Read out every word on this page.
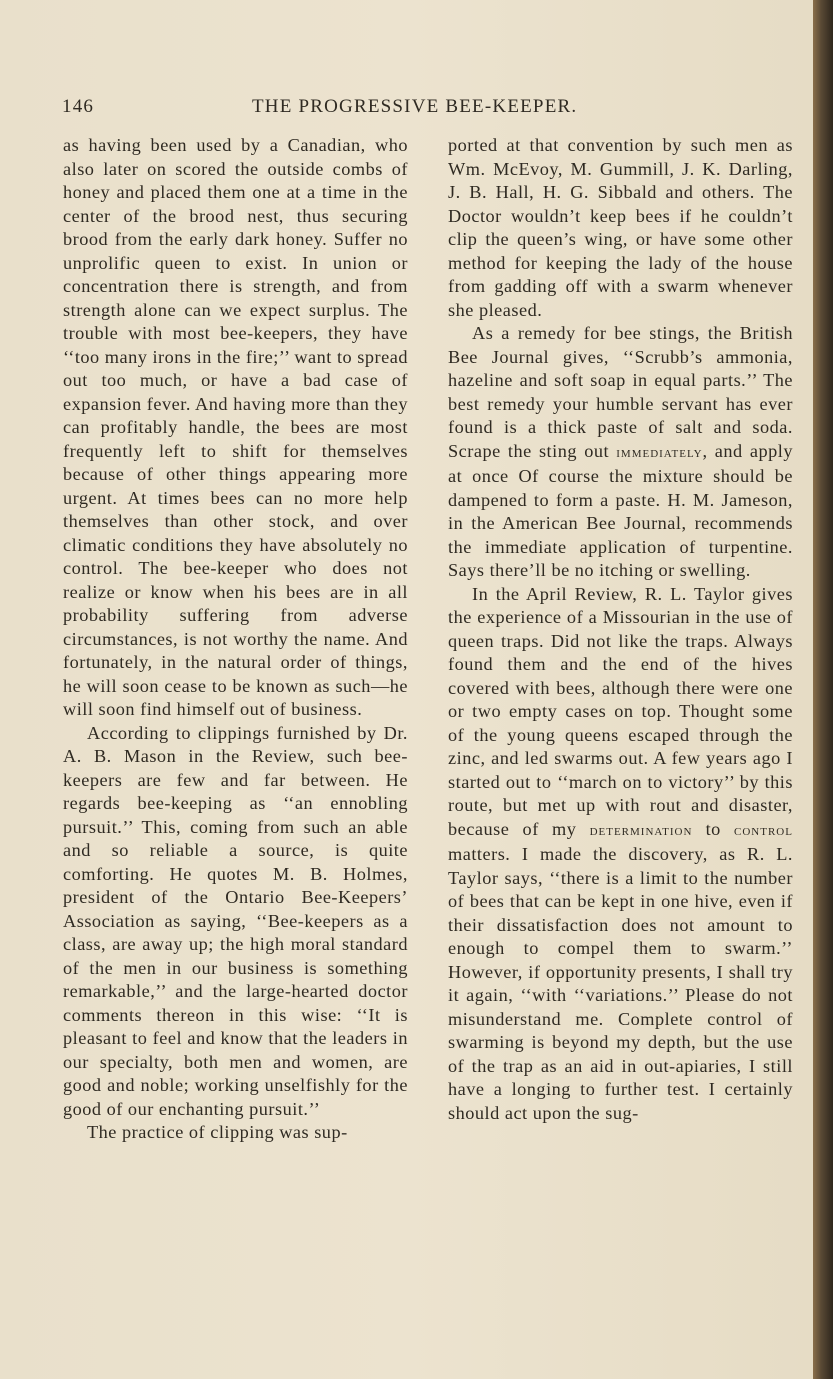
146	THE PROGRESSIVE BEE-KEEPER.

as having been used by a Canadian, who also later on scored the outside combs of honey and placed them one at a time in the center of the brood nest, thus securing brood from the early dark honey. Suffer no unprolific queen to exist. In union or concentration there is strength, and from strength alone can we expect surplus. The trouble with most bee-keepers, they have ‘‘too many irons in the fire;’’ want to spread out too much, or have a bad case of expansion fever. And having more than they can profitably handle, the bees are most frequently left to shift for themselves because of other things appearing more urgent. At times bees can no more help themselves than other stock, and over climatic conditions they have absolutely no control. The bee-keeper who does not realize or know when his bees are in all probability suffering from adverse circumstances, is not worthy the name. And fortunately, in the natural order of things, he will soon cease to be known as such—he will soon find himself out of business.

According to clippings furnished by Dr. A. B. Mason in the Review, such bee-keepers are few and far between. He regards bee-keeping as ‘‘an ennobling pursuit.’’ This, coming from such an able and so reliable a source, is quite comforting. He quotes M. B. Holmes, president of the Ontario Bee-Keepers’ Association as saying, ‘‘Bee-keepers as a class, are away up; the high moral standard of the men in our business is something remarkable,’’ and the large-hearted doctor comments thereon in this wise: ‘‘It is pleasant to feel and know that the leaders in our specialty, both men and women, are good and noble; working unselfishly for the good of our enchanting pursuit.’’

The practice of clipping was sup-

ported at that convention by such men as Wm. McEvoy, M. Gummill, J. K. Darling, J. B. Hall, H. G. Sibbald and others. The Doctor wouldn’t keep bees if he couldn’t clip the queen’s wing, or have some other method for keeping the lady of the house from gadding off with a swarm whenever she pleased.

As a remedy for bee stings, the British Bee Journal gives, ‘‘Scrubb’s ammonia, hazeline and soft soap in equal parts.’’ The best remedy your humble servant has ever found is a thick paste of salt and soda. Scrape the sting out immediately, and apply at once Of course the mixture should be dampened to form a paste. H. M. Jameson, in the American Bee Journal, recommends the immediate application of turpentine. Says there’ll be no itching or swelling.

In the April Review, R. L. Taylor gives the experience of a Missourian in the use of queen traps. Did not like the traps. Always found them and the end of the hives covered with bees, although there were one or two empty cases on top. Thought some of the young queens escaped through the zinc, and led swarms out. A few years ago I started out to ‘‘march on to victory’’ by this route, but met up with rout and disaster, because of my determination to control matters. I made the discovery, as R. L. Taylor says, ‘‘there is a limit to the number of bees that can be kept in one hive, even if their dissatisfaction does not amount to enough to compel them to swarm.’’ However, if opportunity presents, I shall try it again, ‘‘with ‘‘variations.’’ Please do not misunderstand me. Complete control of swarming is beyond my depth, but the use of the trap as an aid in out-apiaries, I still have a longing to further test. I certainly should act upon the sug-
